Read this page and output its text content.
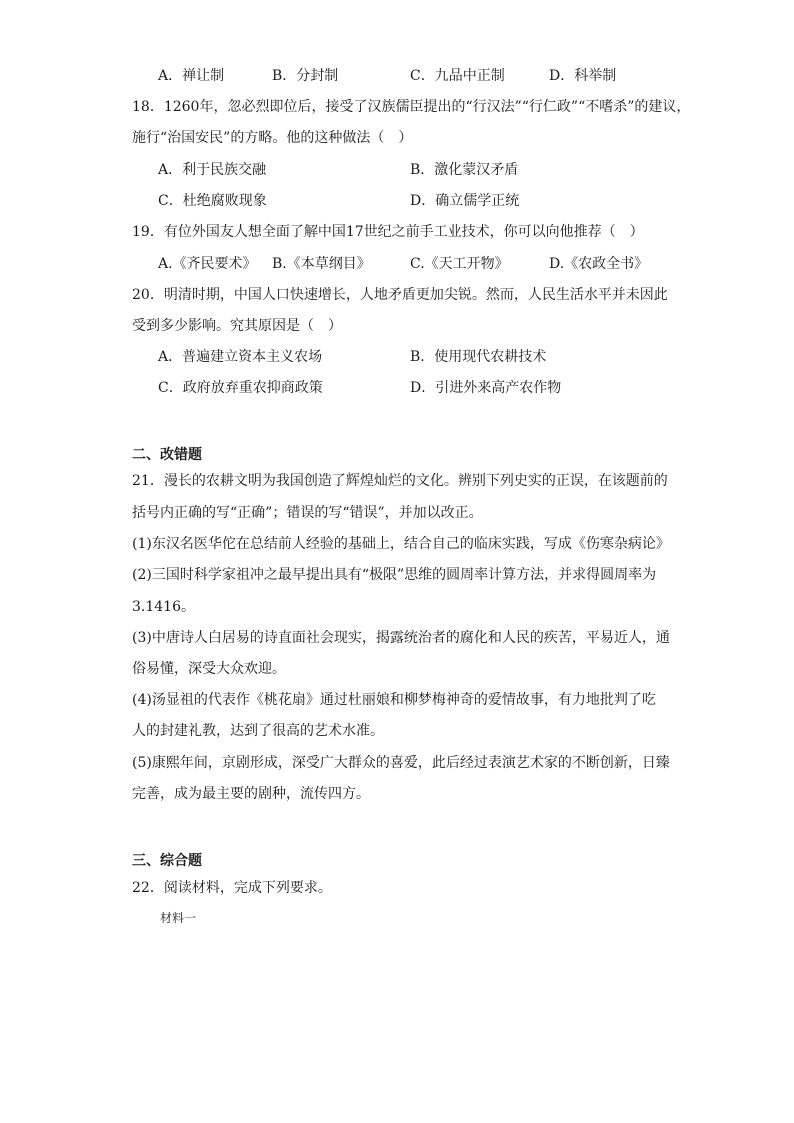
A．禅让制	B．分封制	C．九品中正制	D．科举制
18．1260年，忽必烈即位后，接受了汉族儒臣提出的“行汉法”“行仁政”“不嗜杀”的建议，
施行“治国安民”的方略。他的这种做法（　）
A．利于民族交融	B．激化蒙汉矛盾
C．杜绝腐败现象	D．确立儒学正统
19．有位外国友人想全面了解中国17世纪之前手工业技术，你可以向他推荐（　）
A.《齐民要术》 B.《本草纲目》	C.《天工开物》	D.《农政全书》
20．明清时期，中国人口快速增长，人地矛盾更加尖锐。然而，人民生活水平并未因此
受到多少影响。究其原因是（　）
A．普遍建立资本主义农场	B．使用现代农耕技术
C．政府放弃重农抑商政策	D．引进外来高产农作物
二、改错题
21．漫长的农耕文明为我国创造了辉煌灿烂的文化。辨别下列史实的正误，在该题前的
括号内正确的写“正确”；错误的写“错误”，并加以改正。
(1)东汉名医华佗在总结前人经验的基础上，结合自己的临床实践，写成《伤寒杂病论》
(2)三国时科学家祖冲之最早提出具有“极限”思维的圆周率计算方法，并求得圆周率为
3.1416。
(3)中唐诗人白居易的诗直面社会现实，揭露统治者的腐化和人民的疾苦，平易近人，通
俗易懂，深受大众欢迎。
(4)汤显祖的代表作《桃花扇》通过杜丽娘和柳梦梅神奇的爱情故事，有力地批判了吃
人的封建礼教，达到了很高的艺术水准。
(5)康熙年间，京剧形成，深受广大群众的喜爱，此后经过表演艺术家的不断创新，日臻
完善，成为最主要的剧种，流传四方。
三、综合题
22．阅读材料，完成下列要求。
材料一
